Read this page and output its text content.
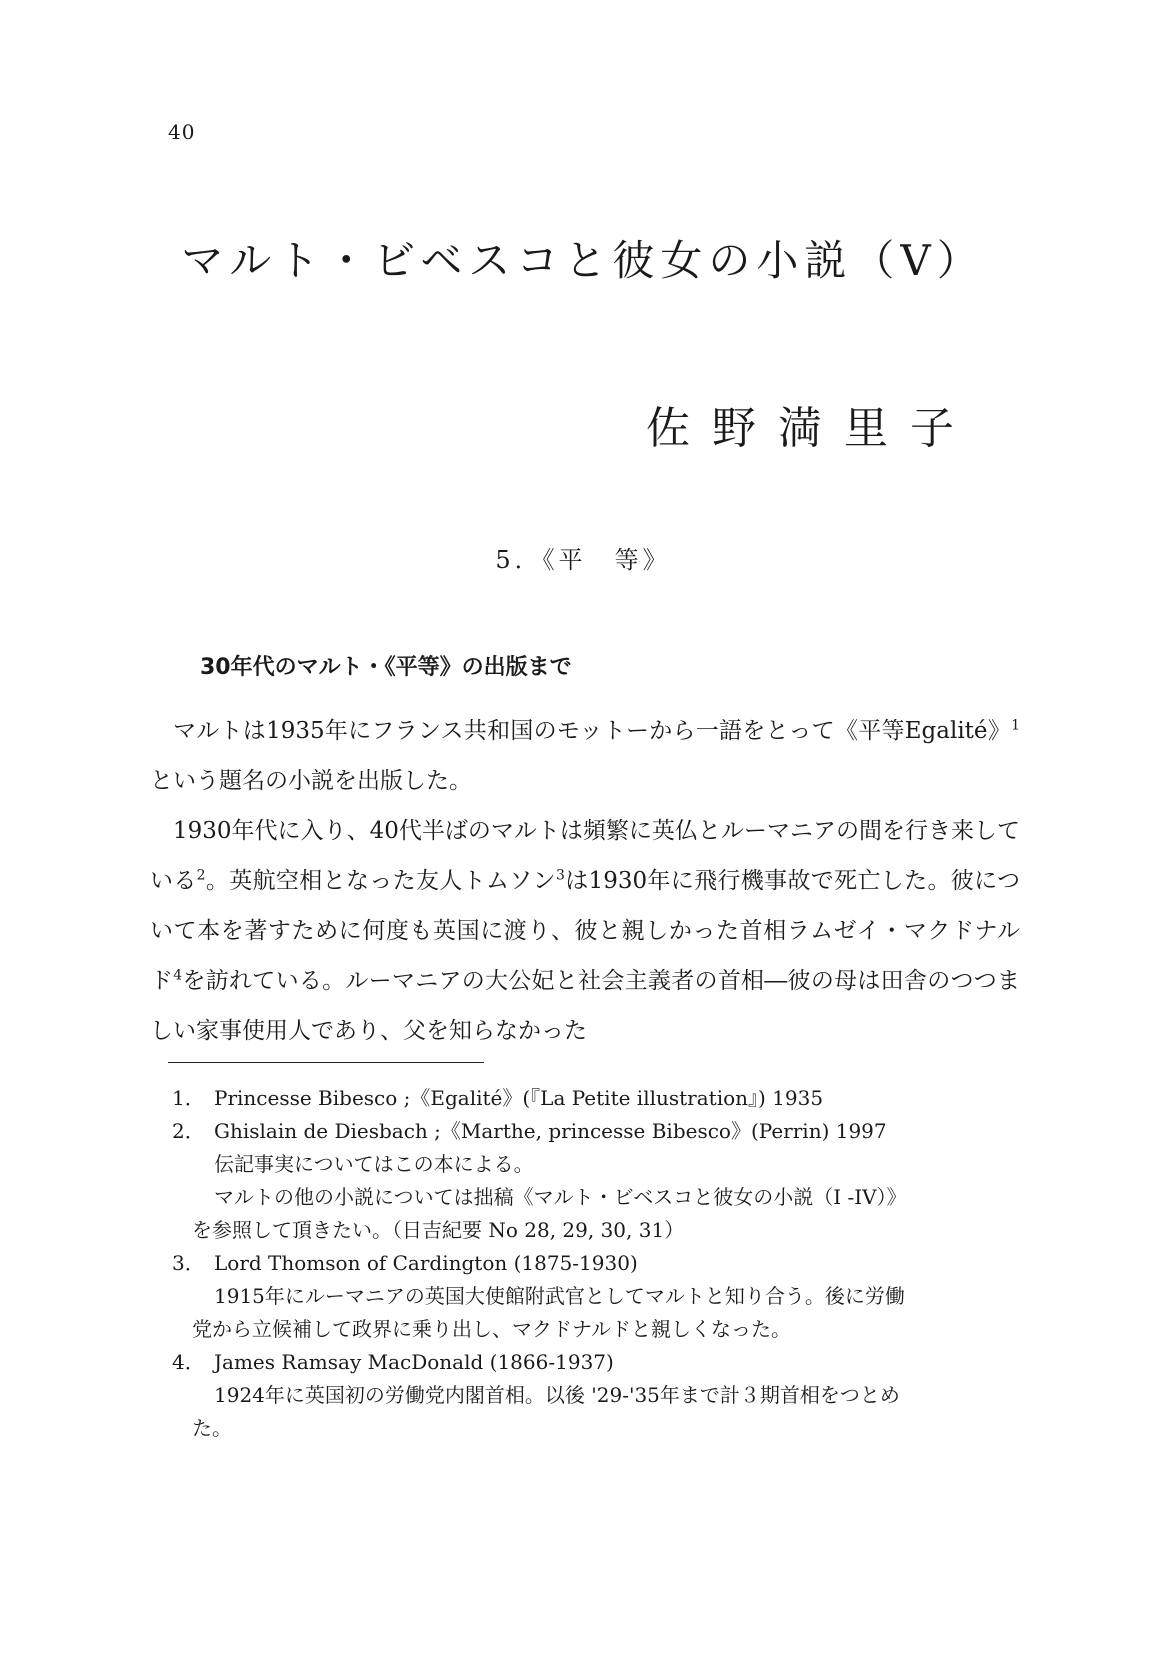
40
マルト・ビベスコと彼女の小説（V）
佐野満里子
5．《平　等》
30年代のマルト・《平等》の出版まで

マルトは1935年にフランス共和国のモットーから一語をとって《平等Egalité》$^1$という題名の小説を出版した。

1930年代に入り、40代半ばのマルトは頻繁に英仏とルーマニアの間を行き来している$^2$。英航空相となった友人トムソン$^3$は1930年に飛行機事故で死亡した。彼について本を著すために何度も英国に渡り、彼と親しかった首相ラムゼイ・マクドナルド$^4$を訪れている。ルーマニアの大公妃と社会主義者の首相―彼の母は田舎のつつましい家事使用人であり、父を知らなかった

1． Princesse Bibesco ;《Egalité》(『La Petite illustration』) 1935
2． Ghislain de Diesbach ;《Marthe, princesse Bibesco》(Perrin) 1997
伝記事実についてはこの本による。
マルトの他の小説については拙稿《マルト・ビベスコと彼女の小説（I -IV）》
を参照して頂きたい。（日吉紀要 No 28, 29, 30, 31）
3． Lord Thomson of Cardington (1875-1930)
1915年にルーマニアの英国大使館附武官としてマルトと知り合う。後に労働
党から立候補して政界に乗り出し、マクドナルドと親しくなった。
4． James Ramsay MacDonald (1866-1937)
1924年に英国初の労働党内閣首相。以後 '29-'35年まで計３期首相をつとめ
た。
